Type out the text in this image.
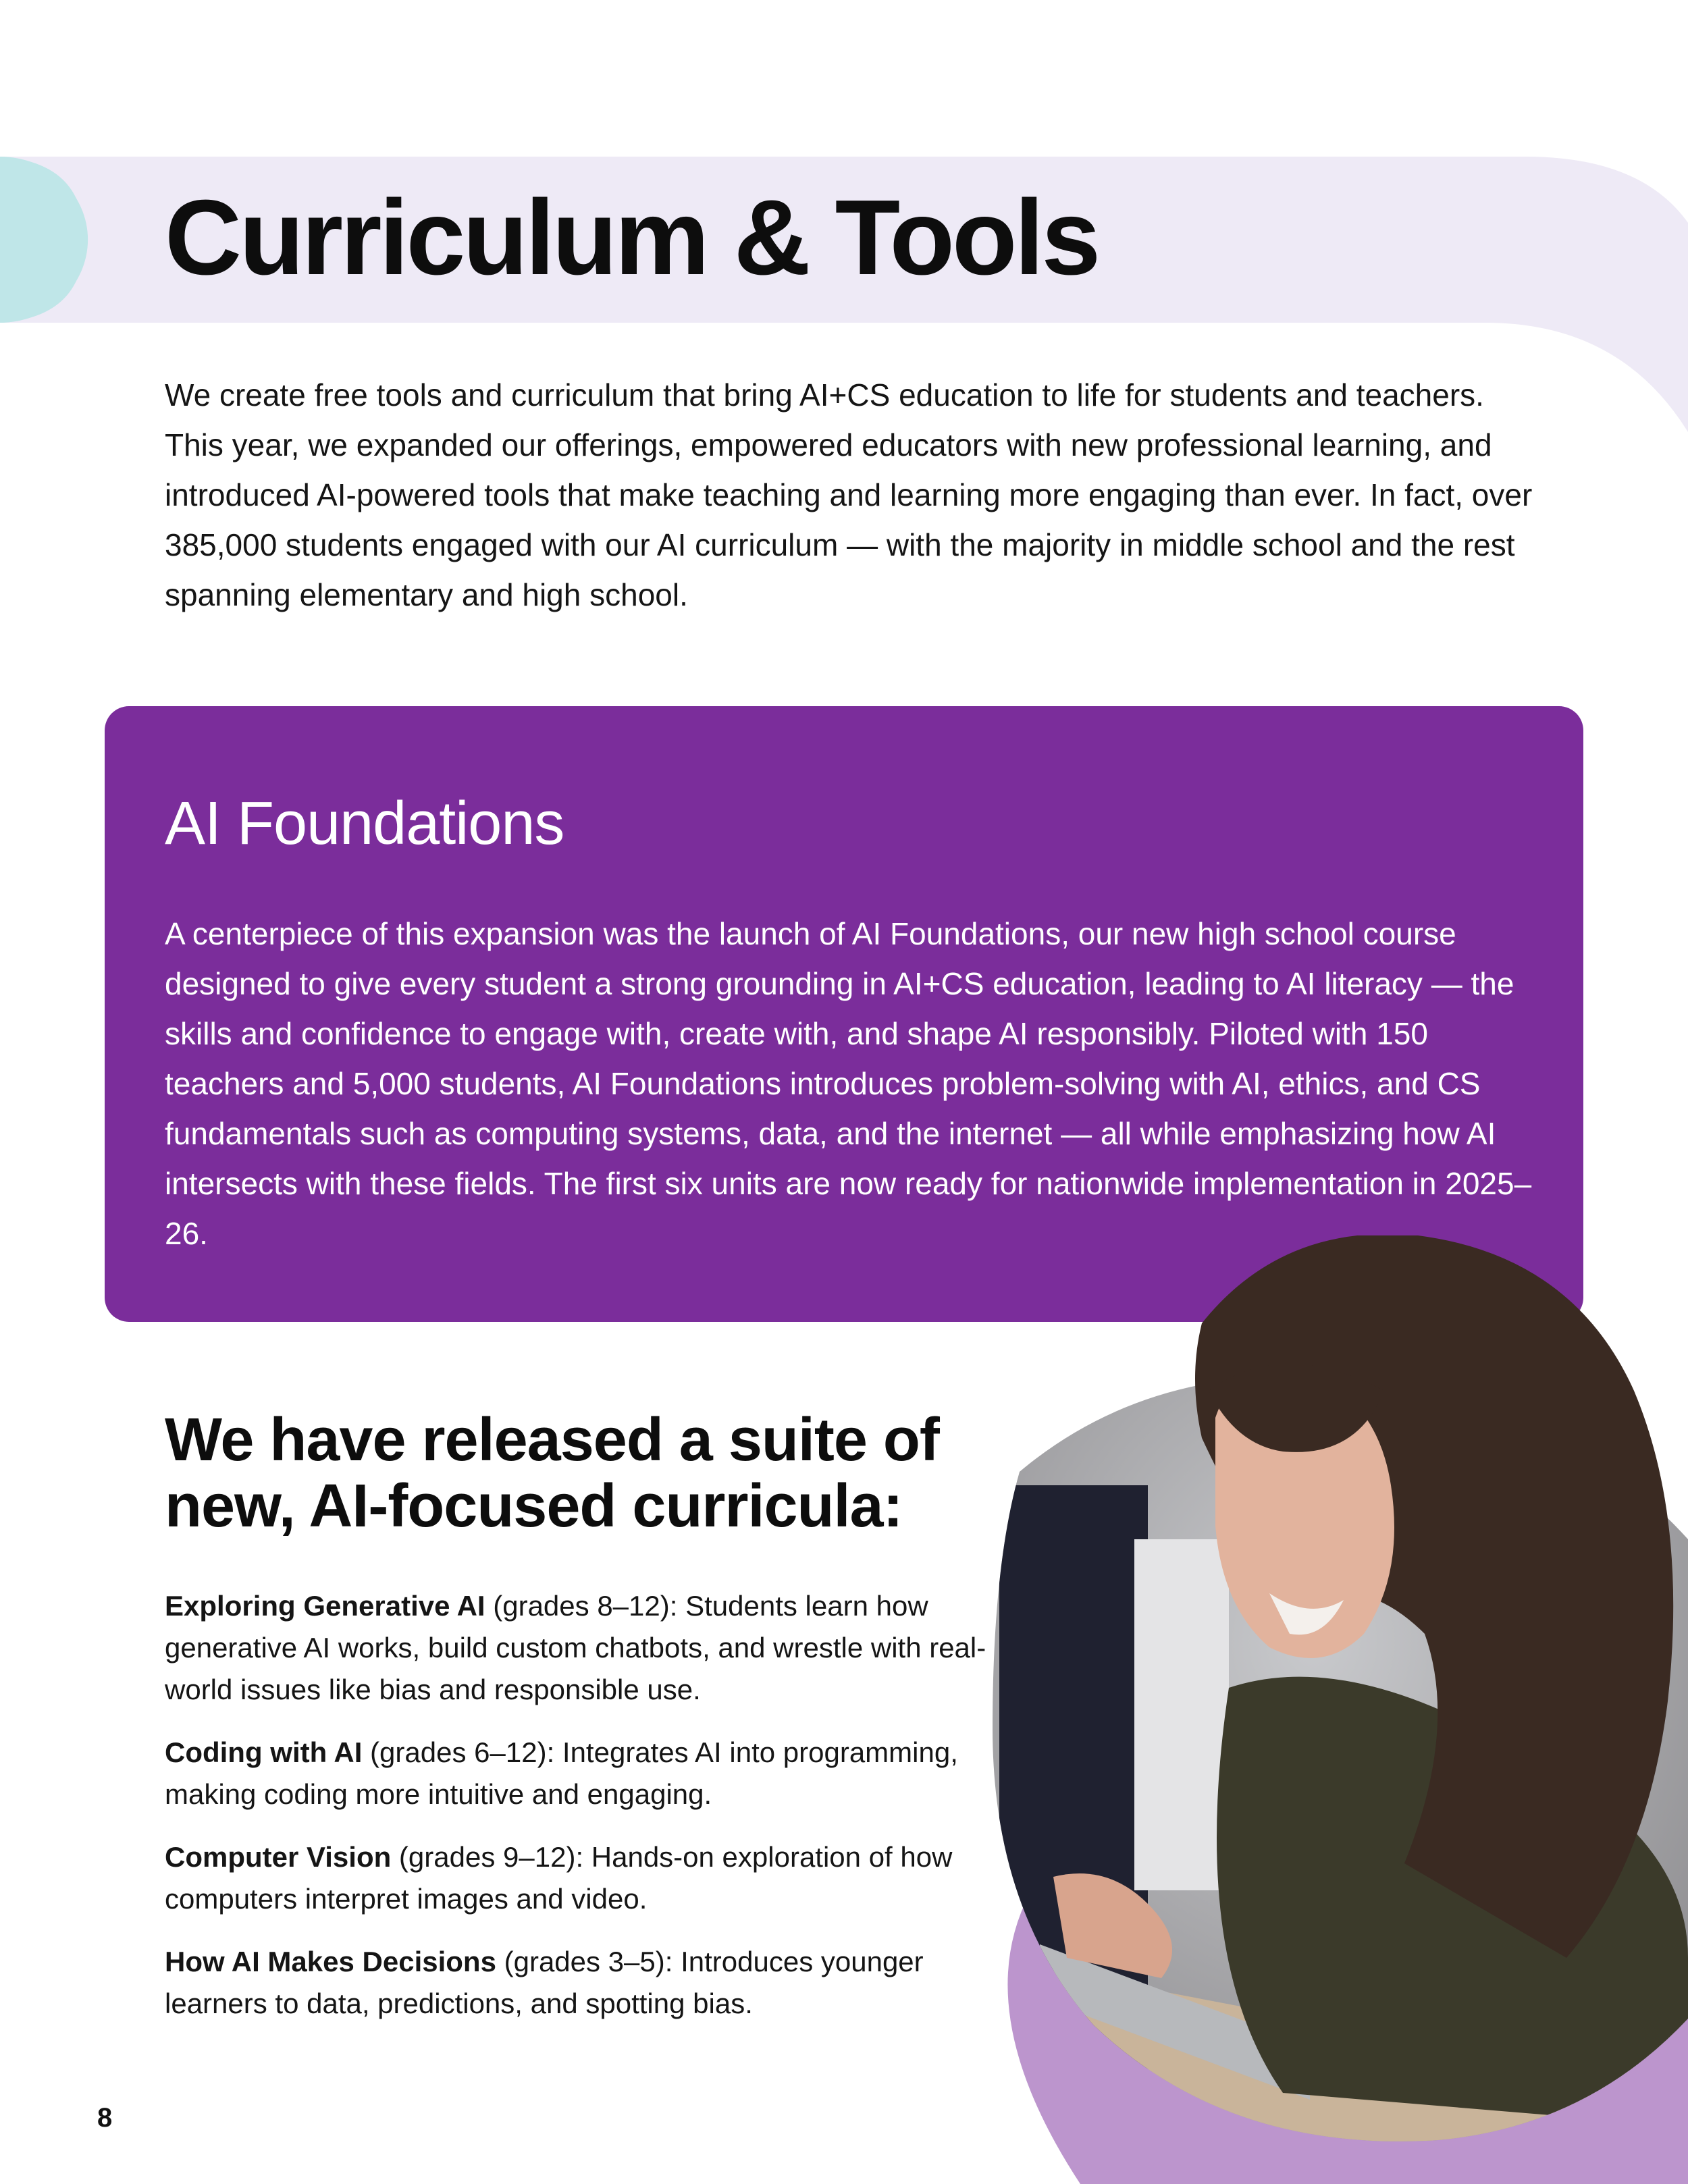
Curriculum & Tools

We create free tools and curriculum that bring AI+CS education to life for students and teachers. This year, we expanded our offerings, empowered educators with new professional learning, and introduced AI-powered tools that make teaching and learning more engaging than ever. In fact, over 385,000 students engaged with our AI curriculum — with the majority in middle school and the rest spanning elementary and high school.

AI Foundations

A centerpiece of this expansion was the launch of AI Foundations, our new high school course designed to give every student a strong grounding in AI+CS education, leading to AI literacy — the skills and confidence to engage with, create with, and shape AI responsibly. Piloted with 150 teachers and 5,000 students, AI Foundations introduces problem-solving with AI, ethics, and CS fundamentals such as computing systems, data, and the internet — all while emphasizing how AI intersects with these fields. The first six units are now ready for nationwide implementation in 2025–26.

We have released a suite of new, AI-focused curricula:
Exploring Generative AI (grades 8–12): Students learn how generative AI works, build custom chatbots, and wrestle with real-world issues like bias and responsible use.
Coding with AI (grades 6–12): Integrates AI into programming, making coding more intuitive and engaging.
Computer Vision (grades 9–12): Hands-on exploration of how computers interpret images and video.
How AI Makes Decisions (grades 3–5): Introduces younger learners to data, predictions, and spotting bias.
8
